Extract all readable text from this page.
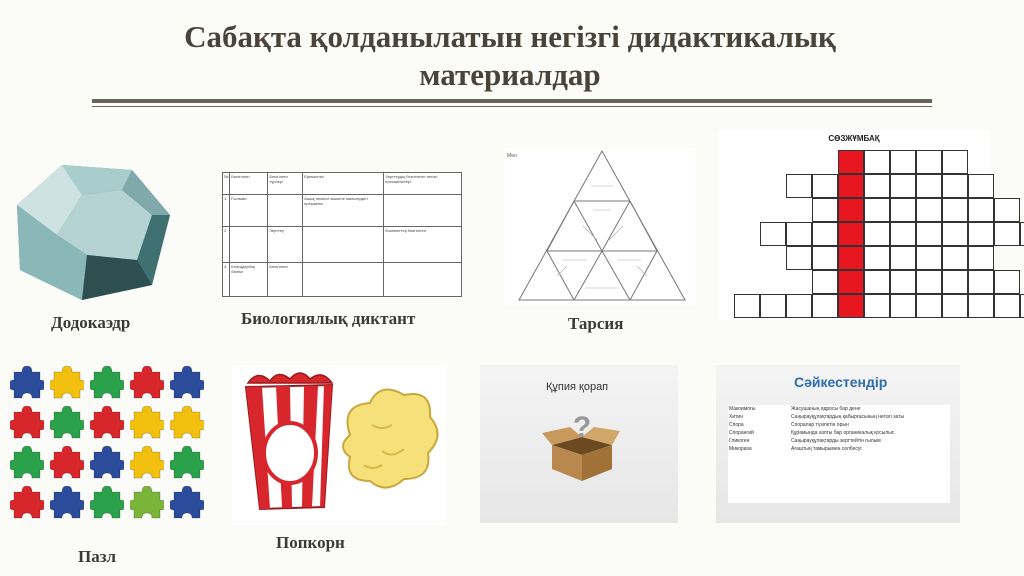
Сабақта қолданылатын негізгі дидактикалық материалдар
Додокаэдр
№	Бекітілген	Бекітілген түрлері	Ерекшелігі	Зерттеудің бекітілетін негізгі ерекшеліктері
1.	Ғылыми		Ашық немесе кішкене мөлшердегі ерекшелік	
2.		Зерттеу		Мәліметтер бекітілген
3.	Кезеңдерінің бөлімі	Бекітілген		
Биологиялық диктант
Мен
Тарсия
СӨЗЖҰМБАҚ
Пазл
Попкорн
Құпия қорап
?
Сәйкестендір
Макоимогы	Жасушаның ядросы бар дене
Хитин	Саңырауқұлақтардың қабырғасының негізгі заты
Спора	Споралар түзілетін орын
Спорангий	Құрамында азоты бар органикалық қосылыс
Гликоген	Саңырауқұлақтарды зерттейтін ғылым
Микориза	Ағаштың тамырымен селбесуі
